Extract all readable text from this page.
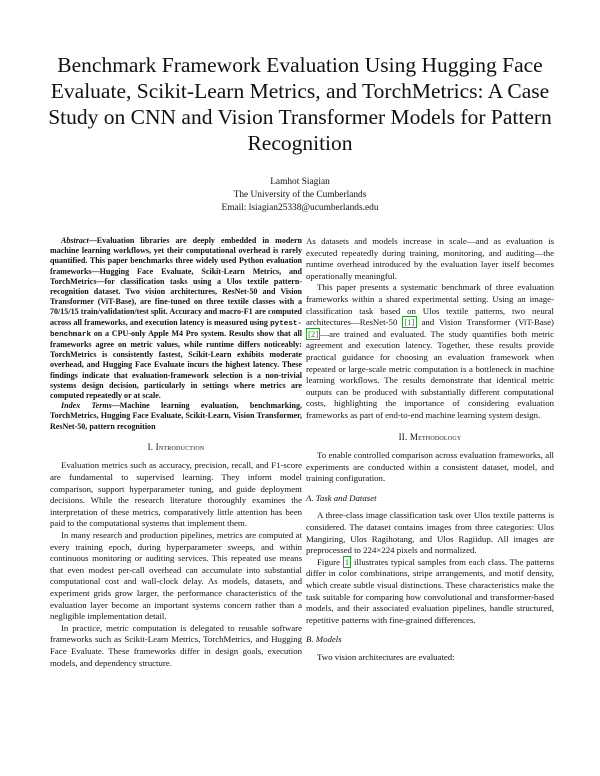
Benchmark Framework Evaluation Using Hugging Face Evaluate, Scikit-Learn Metrics, and TorchMetrics: A Case Study on CNN and Vision Transformer Models for Pattern Recognition
Lamhot Siagian
The University of the Cumberlands
Email: lsiagian25338@ucumberlands.edu

Abstract—Evaluation libraries are deeply embedded in modern machine learning workflows, yet their computational overhead is rarely quantified. This paper benchmarks three widely used Python evaluation frameworks—Hugging Face Evaluate, Scikit-Learn Metrics, and TorchMetrics—for classification tasks using a Ulos textile pattern-recognition dataset. Two vision architectures, ResNet-50 and Vision Transformer (ViT-Base), are fine-tuned on three textile classes with a 70/15/15 train/validation/test split. Accuracy and macro-F1 are computed across all frameworks, and execution latency is measured using pytest-benchmark on a CPU-only Apple M4 Pro system. Results show that all frameworks agree on metric values, while runtime differs noticeably: TorchMetrics is consistently fastest, Scikit-Learn exhibits moderate overhead, and Hugging Face Evaluate incurs the highest latency. These findings indicate that evaluation-framework selection is a non-trivial systems design decision, particularly in settings where metrics are computed repeatedly or at scale.

Index Terms—Machine learning evaluation, benchmarking, TorchMetrics, Hugging Face Evaluate, Scikit-Learn, Vision Transformer, ResNet-50, pattern recognition

I. Introduction

Evaluation metrics such as accuracy, precision, recall, and F1-score are fundamental to supervised learning. They inform model comparison, support hyperparameter tuning, and guide deployment decisions. While the research literature thoroughly examines the interpretation of these metrics, comparatively little attention has been paid to the computational systems that implement them.

In many research and production pipelines, metrics are computed at every training epoch, during hyperparameter sweeps, and within continuous monitoring or auditing services. This repeated use means that even modest per-call overhead can accumulate into substantial computational cost and wall-clock delay. As models, datasets, and experiment grids grow larger, the performance characteristics of the evaluation layer become an important systems concern rather than a negligible implementation detail.

In practice, metric computation is delegated to reusable software frameworks such as Scikit-Learn Metrics, TorchMetrics, and Hugging Face Evaluate. These frameworks differ in design goals, execution models, and dependency structure.

As datasets and models increase in scale—and as evaluation is executed repeatedly during training, monitoring, and auditing—the runtime overhead introduced by the evaluation layer itself becomes operationally meaningful.

This paper presents a systematic benchmark of three evaluation frameworks within a shared experimental setting. Using an image-classification task based on Ulos textile patterns, two neural architectures—ResNet-50 [1] and Vision Transformer (ViT-Base) [2] —are trained and evaluated. The study quantifies both metric agreement and execution latency. Together, these results provide practical guidance for choosing an evaluation framework when repeated or large-scale metric computation is a bottleneck in machine learning workflows. The results demonstrate that identical metric outputs can be produced with substantially different computational costs, highlighting the importance of considering evaluation frameworks as part of end-to-end machine learning system design.

II. Methodology

To enable controlled comparison across evaluation frameworks, all experiments are conducted within a consistent dataset, model, and training configuration.

A. Task and Dataset

A three-class image classification task over Ulos textile patterns is considered. The dataset contains images from three categories: Ulos Mangiring, Ulos Ragihotang, and Ulos Ragiidup. All images are preprocessed to 224×224 pixels and normalized.

Figure 1 illustrates typical samples from each class. The patterns differ in color combinations, stripe arrangements, and motif density, which create subtle visual distinctions. These characteristics make the task suitable for comparing how convolutional and transformer-based models, and their associated evaluation pipelines, handle structured, repetitive patterns with fine-grained differences.

B. Models

Two vision architectures are evaluated:
